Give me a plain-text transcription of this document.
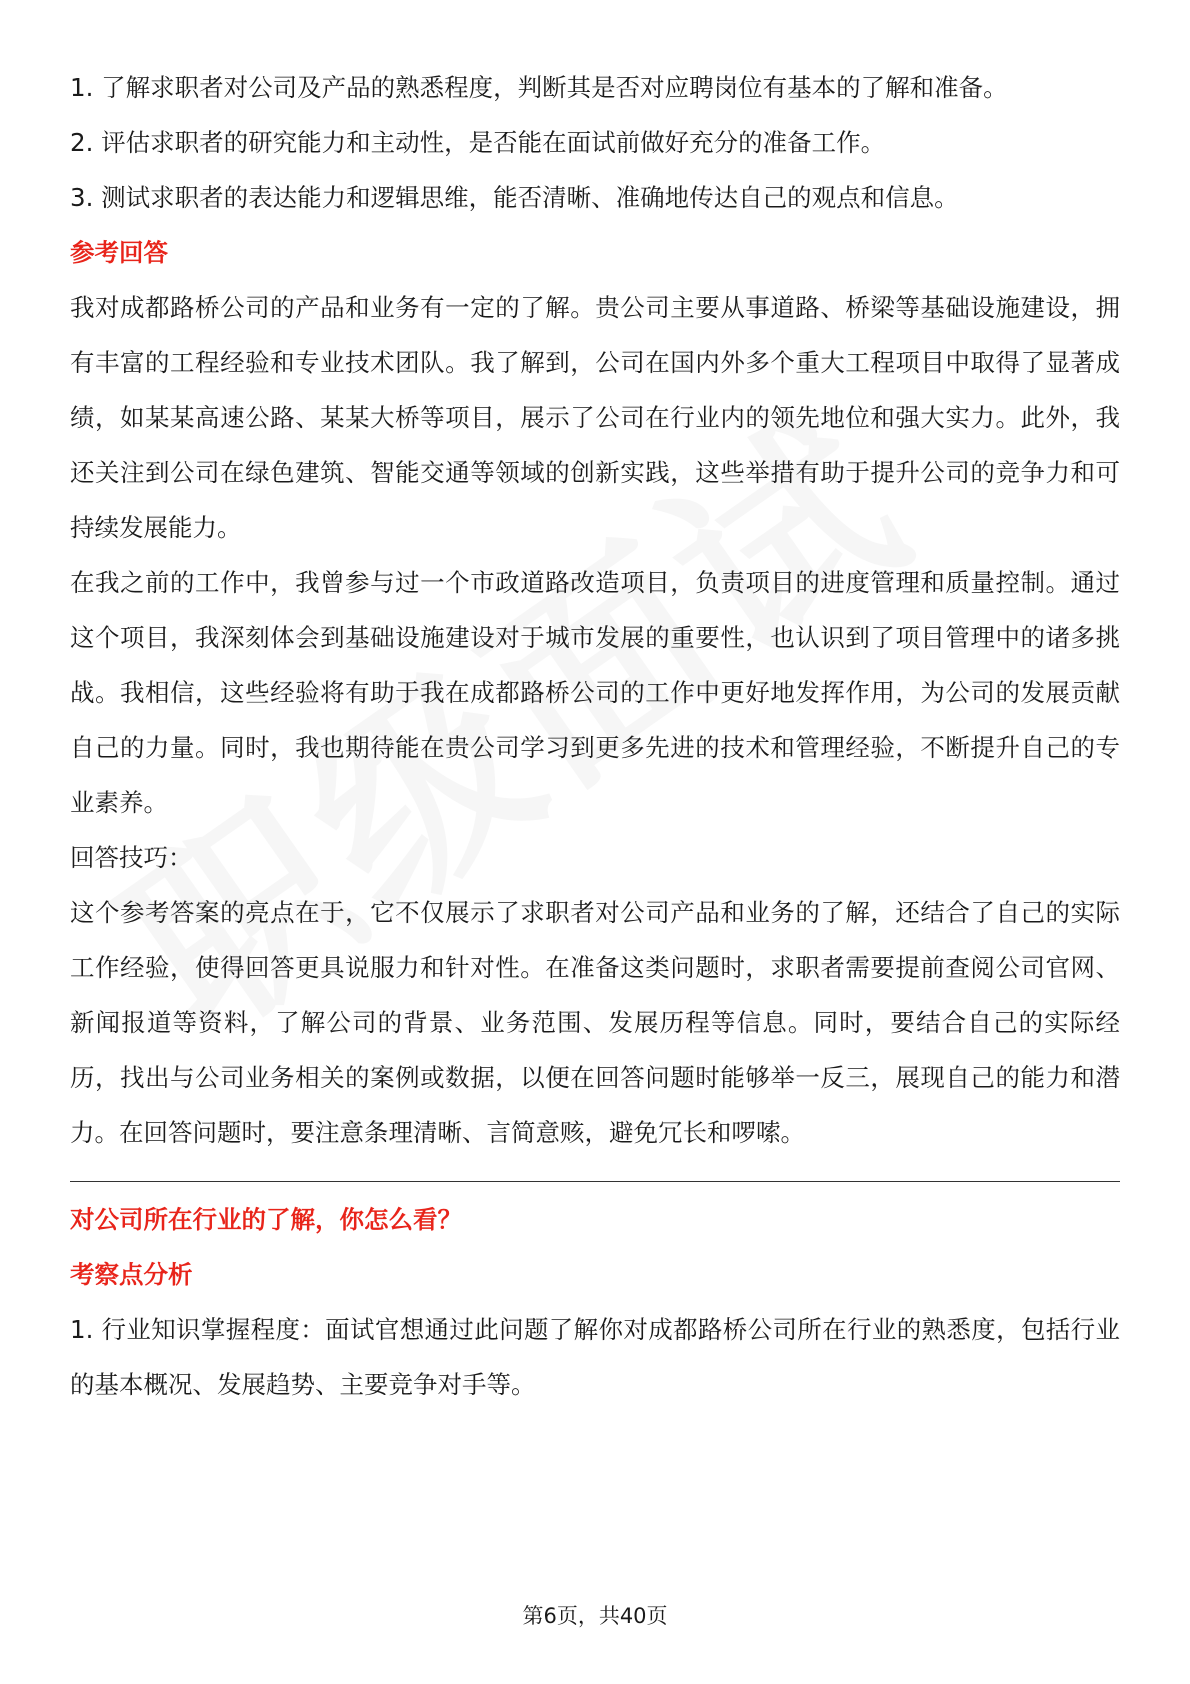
1. 了解求职者对公司及产品的熟悉程度，判断其是否对应聘岗位有基本的了解和准备。

2. 评估求职者的研究能力和主动性，是否能在面试前做好充分的准备工作。

3. 测试求职者的表达能力和逻辑思维，能否清晰、准确地传达自己的观点和信息。

参考回答

我对成都路桥公司的产品和业务有一定的了解。贵公司主要从事道路、桥梁等基础设施建设，拥有丰富的工程经验和专业技术团队。我了解到，公司在国内外多个重大工程项目中取得了显著成绩，如某某高速公路、某某大桥等项目，展示了公司在行业内的领先地位和强大实力。此外，我还关注到公司在绿色建筑、智能交通等领域的创新实践，这些举措有助于提升公司的竞争力和可持续发展能力。

在我之前的工作中，我曾参与过一个市政道路改造项目，负责项目的进度管理和质量控制。通过这个项目，我深刻体会到基础设施建设对于城市发展的重要性，也认识到了项目管理中的诸多挑战。我相信，这些经验将有助于我在成都路桥公司的工作中更好地发挥作用，为公司的发展贡献自己的力量。同时，我也期待能在贵公司学习到更多先进的技术和管理经验，不断提升自己的专业素养。

回答技巧：

这个参考答案的亮点在于，它不仅展示了求职者对公司产品和业务的了解，还结合了自己的实际工作经验，使得回答更具说服力和针对性。在准备这类问题时，求职者需要提前查阅公司官网、新闻报道等资料，了解公司的背景、业务范围、发展历程等信息。同时，要结合自己的实际经历，找出与公司业务相关的案例或数据，以便在回答问题时能够举一反三，展现自己的能力和潜力。在回答问题时，要注意条理清晰、言简意赅，避免冗长和啰嗦。

对公司所在行业的了解，你怎么看？

考察点分析

1. 行业知识掌握程度：面试官想通过此问题了解你对成都路桥公司所在行业的熟悉度，包括行业的基本概况、发展趋势、主要竞争对手等。

第6页，共40页
